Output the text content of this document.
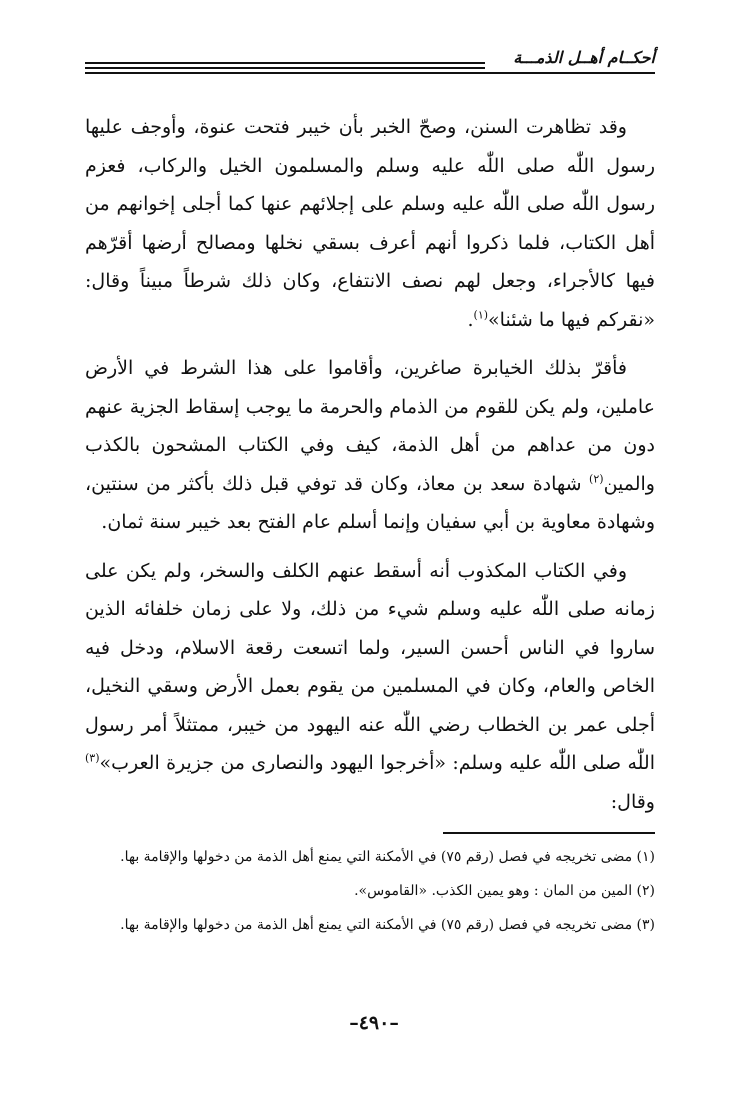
أحكــام أهــل الذمـــة

وقد تظاهرت السنن، وصحّ الخبر بأن خيبر فتحت عنوة، وأوجف عليها رسول اللّٰه صلى اللّٰه عليه وسلم والمسلمون الخيل والركاب، فعزم رسول اللّٰه صلى اللّٰه عليه وسلم على إجلائهم عنها كما أجلى إخوانهم من أهل الكتاب، فلما ذكروا أنهم أعرف بسقي نخلها ومصالح أرضها أقرّهم فيها كالأجراء، وجعل لهم نصف الانتفاع، وكان ذلك شرطاً مبيناً وقال: «نقركم فيها ما شئنا»$^{(١)}$.

فأقرّ بذلك الخيابرة صاغرين، وأقاموا على هذا الشرط في الأرض عاملين، ولم يكن للقوم من الذمام والحرمة ما يوجب إسقاط الجزية عنهم دون من عداهم من أهل الذمة، كيف وفي الكتاب المشحون بالكذب والمين$^{(٢)}$ شهادة سعد بن معاذ، وكان قد توفي قبل ذلك بأكثر من سنتين، وشهادة معاوية بن أبي سفيان وإنما أسلم عام الفتح بعد خيبر سنة ثمان.

وفي الكتاب المكذوب أنه أسقط عنهم الكلف والسخر، ولم يكن على زمانه صلى اللّٰه عليه وسلم شيء من ذلك، ولا على زمان خلفائه الذين ساروا في الناس أحسن السير، ولما اتسعت رقعة الاسلام، ودخل فيه الخاص والعام، وكان في المسلمين من يقوم بعمل الأرض وسقي النخيل، أجلى عمر بن الخطاب رضي اللّٰه عنه اليهود من خيبر، ممتثلاً أمر رسول اللّٰه صلى اللّٰه عليه وسلم: «أخرجوا اليهود والنصارى من جزيرة العرب»$^{(٣)}$ وقال:

(١) مضى تخريجه في فصل (رقم ٧٥) في الأمكنة التي يمنع أهل الذمة من دخولها والإقامة بها.
(٢) المين من المان : وهو يمين الكذب. «القاموس».
(٣) مضى تخريجه في فصل (رقم ٧٥) في الأمكنة التي يمنع أهل الذمة من دخولها والإقامة بها.
–٤٩٠–
